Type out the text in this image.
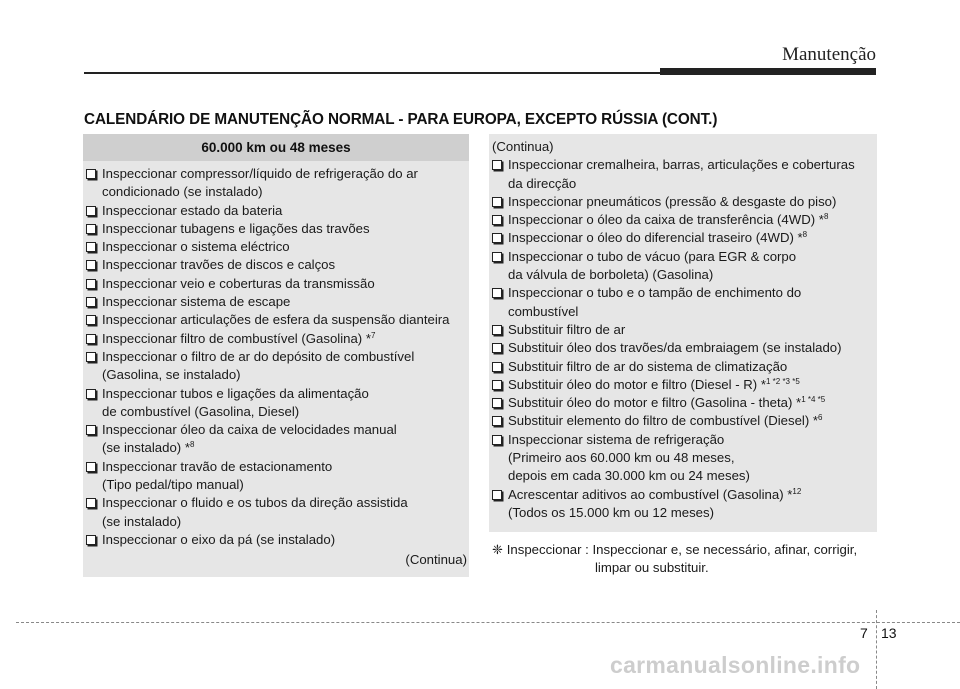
Manutenção
CALENDÁRIO DE MANUTENÇÃO NORMAL - PARA EUROPA, EXCEPTO RÚSSIA (CONT.)
60.000 km ou 48 meses
Inspeccionar compressor/líquido de refrigeração do ar
condicionado (se instalado)
Inspeccionar estado da bateria
Inspeccionar tubagens e ligações das travões
Inspeccionar o sistema eléctrico
Inspeccionar travões de discos e calços
Inspeccionar veio e coberturas da transmissão
Inspeccionar sistema de escape
Inspeccionar articulações de esfera da suspensão dianteira
Inspeccionar filtro de combustível (Gasolina) *$^7$
Inspeccionar o filtro de ar do depósito de combustível
(Gasolina, se instalado)
Inspeccionar tubos e ligações da alimentação
de combustível (Gasolina, Diesel)
Inspeccionar óleo da caixa de velocidades manual
(se instalado) *$^8$
Inspeccionar travão de estacionamento
(Tipo pedal/tipo manual)
Inspeccionar o fluido e os tubos da direção assistida
(se instalado)
Inspeccionar o eixo da pá (se instalado)
(Continua)
(Continua)
Inspeccionar cremalheira, barras, articulações e coberturas
da direcção
Inspeccionar pneumáticos (pressão & desgaste do piso)
Inspeccionar o óleo da caixa de transferência (4WD) *$^8$
Inspeccionar o óleo do diferencial traseiro (4WD) *$^8$
Inspeccionar o tubo de vácuo (para EGR & corpo
da válvula de borboleta) (Gasolina)
Inspeccionar o tubo e o tampão de enchimento do
combustível
Substituir filtro de ar
Substituir óleo dos travões/da embraiagem (se instalado)
Substituir filtro de ar do sistema de climatização
Substituir óleo do motor e filtro (Diesel - R) *$^{1 *2 *3 *5}$
Substituir óleo do motor e filtro (Gasolina - theta) *$^{1 *4 *5}$
Substituir elemento do filtro de combustível (Diesel) *$^6$
Inspeccionar sistema de refrigeração
(Primeiro aos 60.000 km ou 48 meses,
depois em cada 30.000 km ou 24 meses)
Acrescentar aditivos ao combustível (Gasolina) *$^{12}$
(Todos os 15.000 km ou 12 meses)
❈ Inspeccionar : Inspeccionar e, se necessário, afinar, corrigir,
limpar ou substituir.
7 13
carmanualsonline.info
